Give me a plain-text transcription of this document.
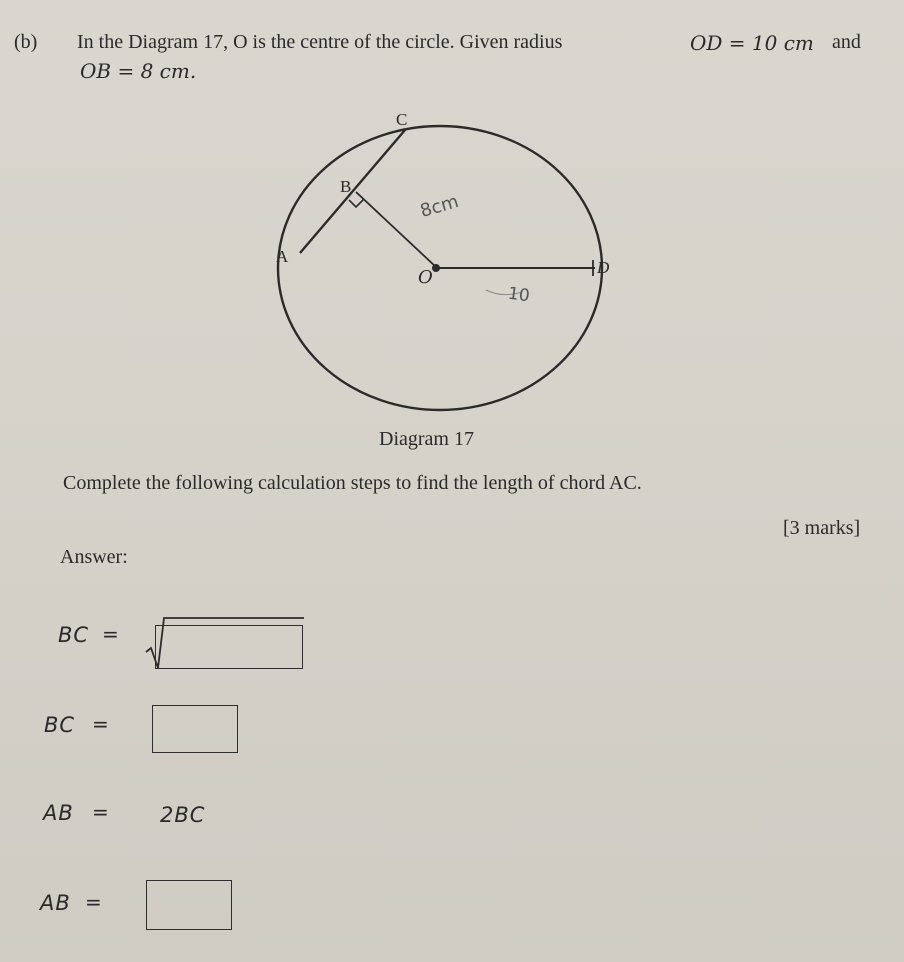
(b) In the Diagram 17, O is the centre of the circle. Given radius	OD = 10 cm and
OB = 8 cm.
C
B
A
O	D
8cm
10
Diagram 17
Complete the following calculation steps to find the length of chord AC.
[3 marks]
Answer:
BC =
BC =
AB = 2BC
AB =
